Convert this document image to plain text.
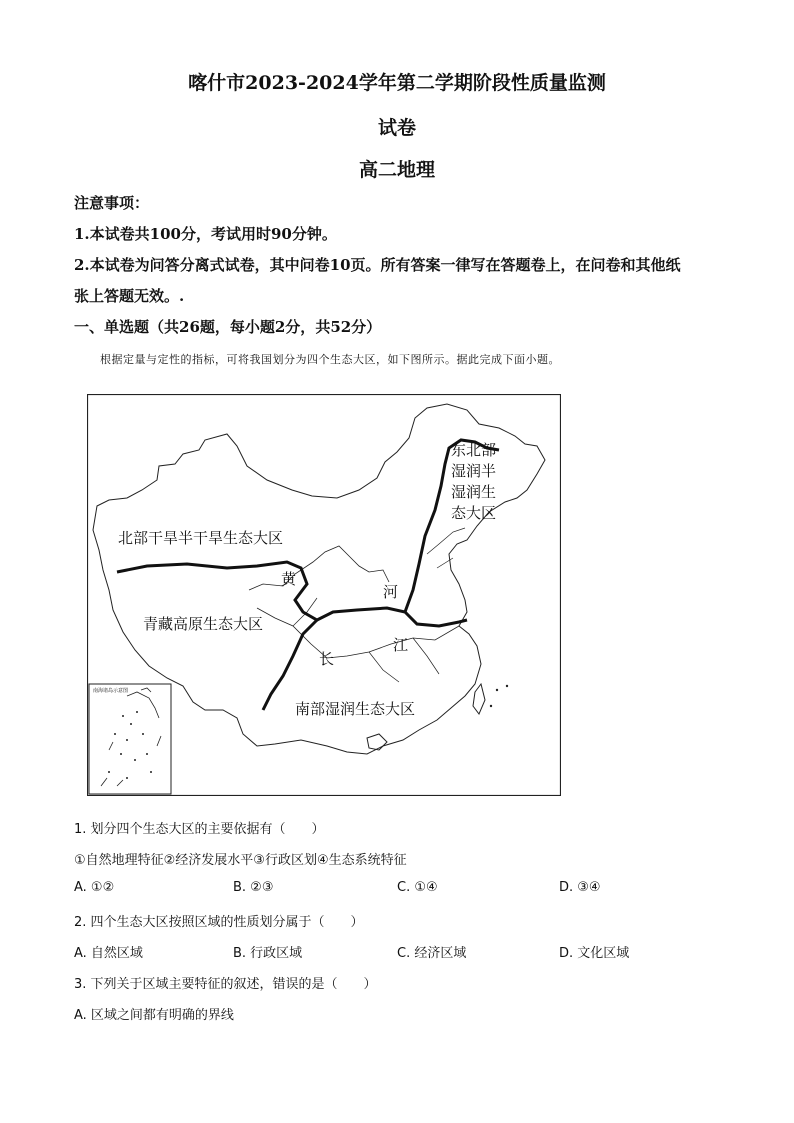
喀什市2023-2024学年第二学期阶段性质量监测
试卷
高二地理
注意事项：
1.本试卷共100分，考试用时90分钟。
2.本试卷为问答分离式试卷，其中问卷10页。所有答案一律写在答题卷上，在问卷和其他纸
张上答题无效。.
一、单选题（共26题，每小题2分，共52分）
根据定量与定性的指标，可将我国划分为四个生态大区，如下图所示。据此完成下面小题。
南海诸岛示意图
北部干旱半干旱生态大区
青藏高原生态大区
南部湿润生态大区
东北部
湿润半
湿润生
态大区
黄
河
长
江
1. 划分四个生态大区的主要依据有（　　）
①自然地理特征②经济发展水平③行政区划④生态系统特征
A. ①②	B. ②③	C. ①④	D. ③④
2. 四个生态大区按照区域的性质划分属于（　　）
A. 自然区域	B. 行政区域	C. 经济区域	D. 文化区域
3. 下列关于区域主要特征的叙述，错误的是（　　）
A. 区域之间都有明确的界线
